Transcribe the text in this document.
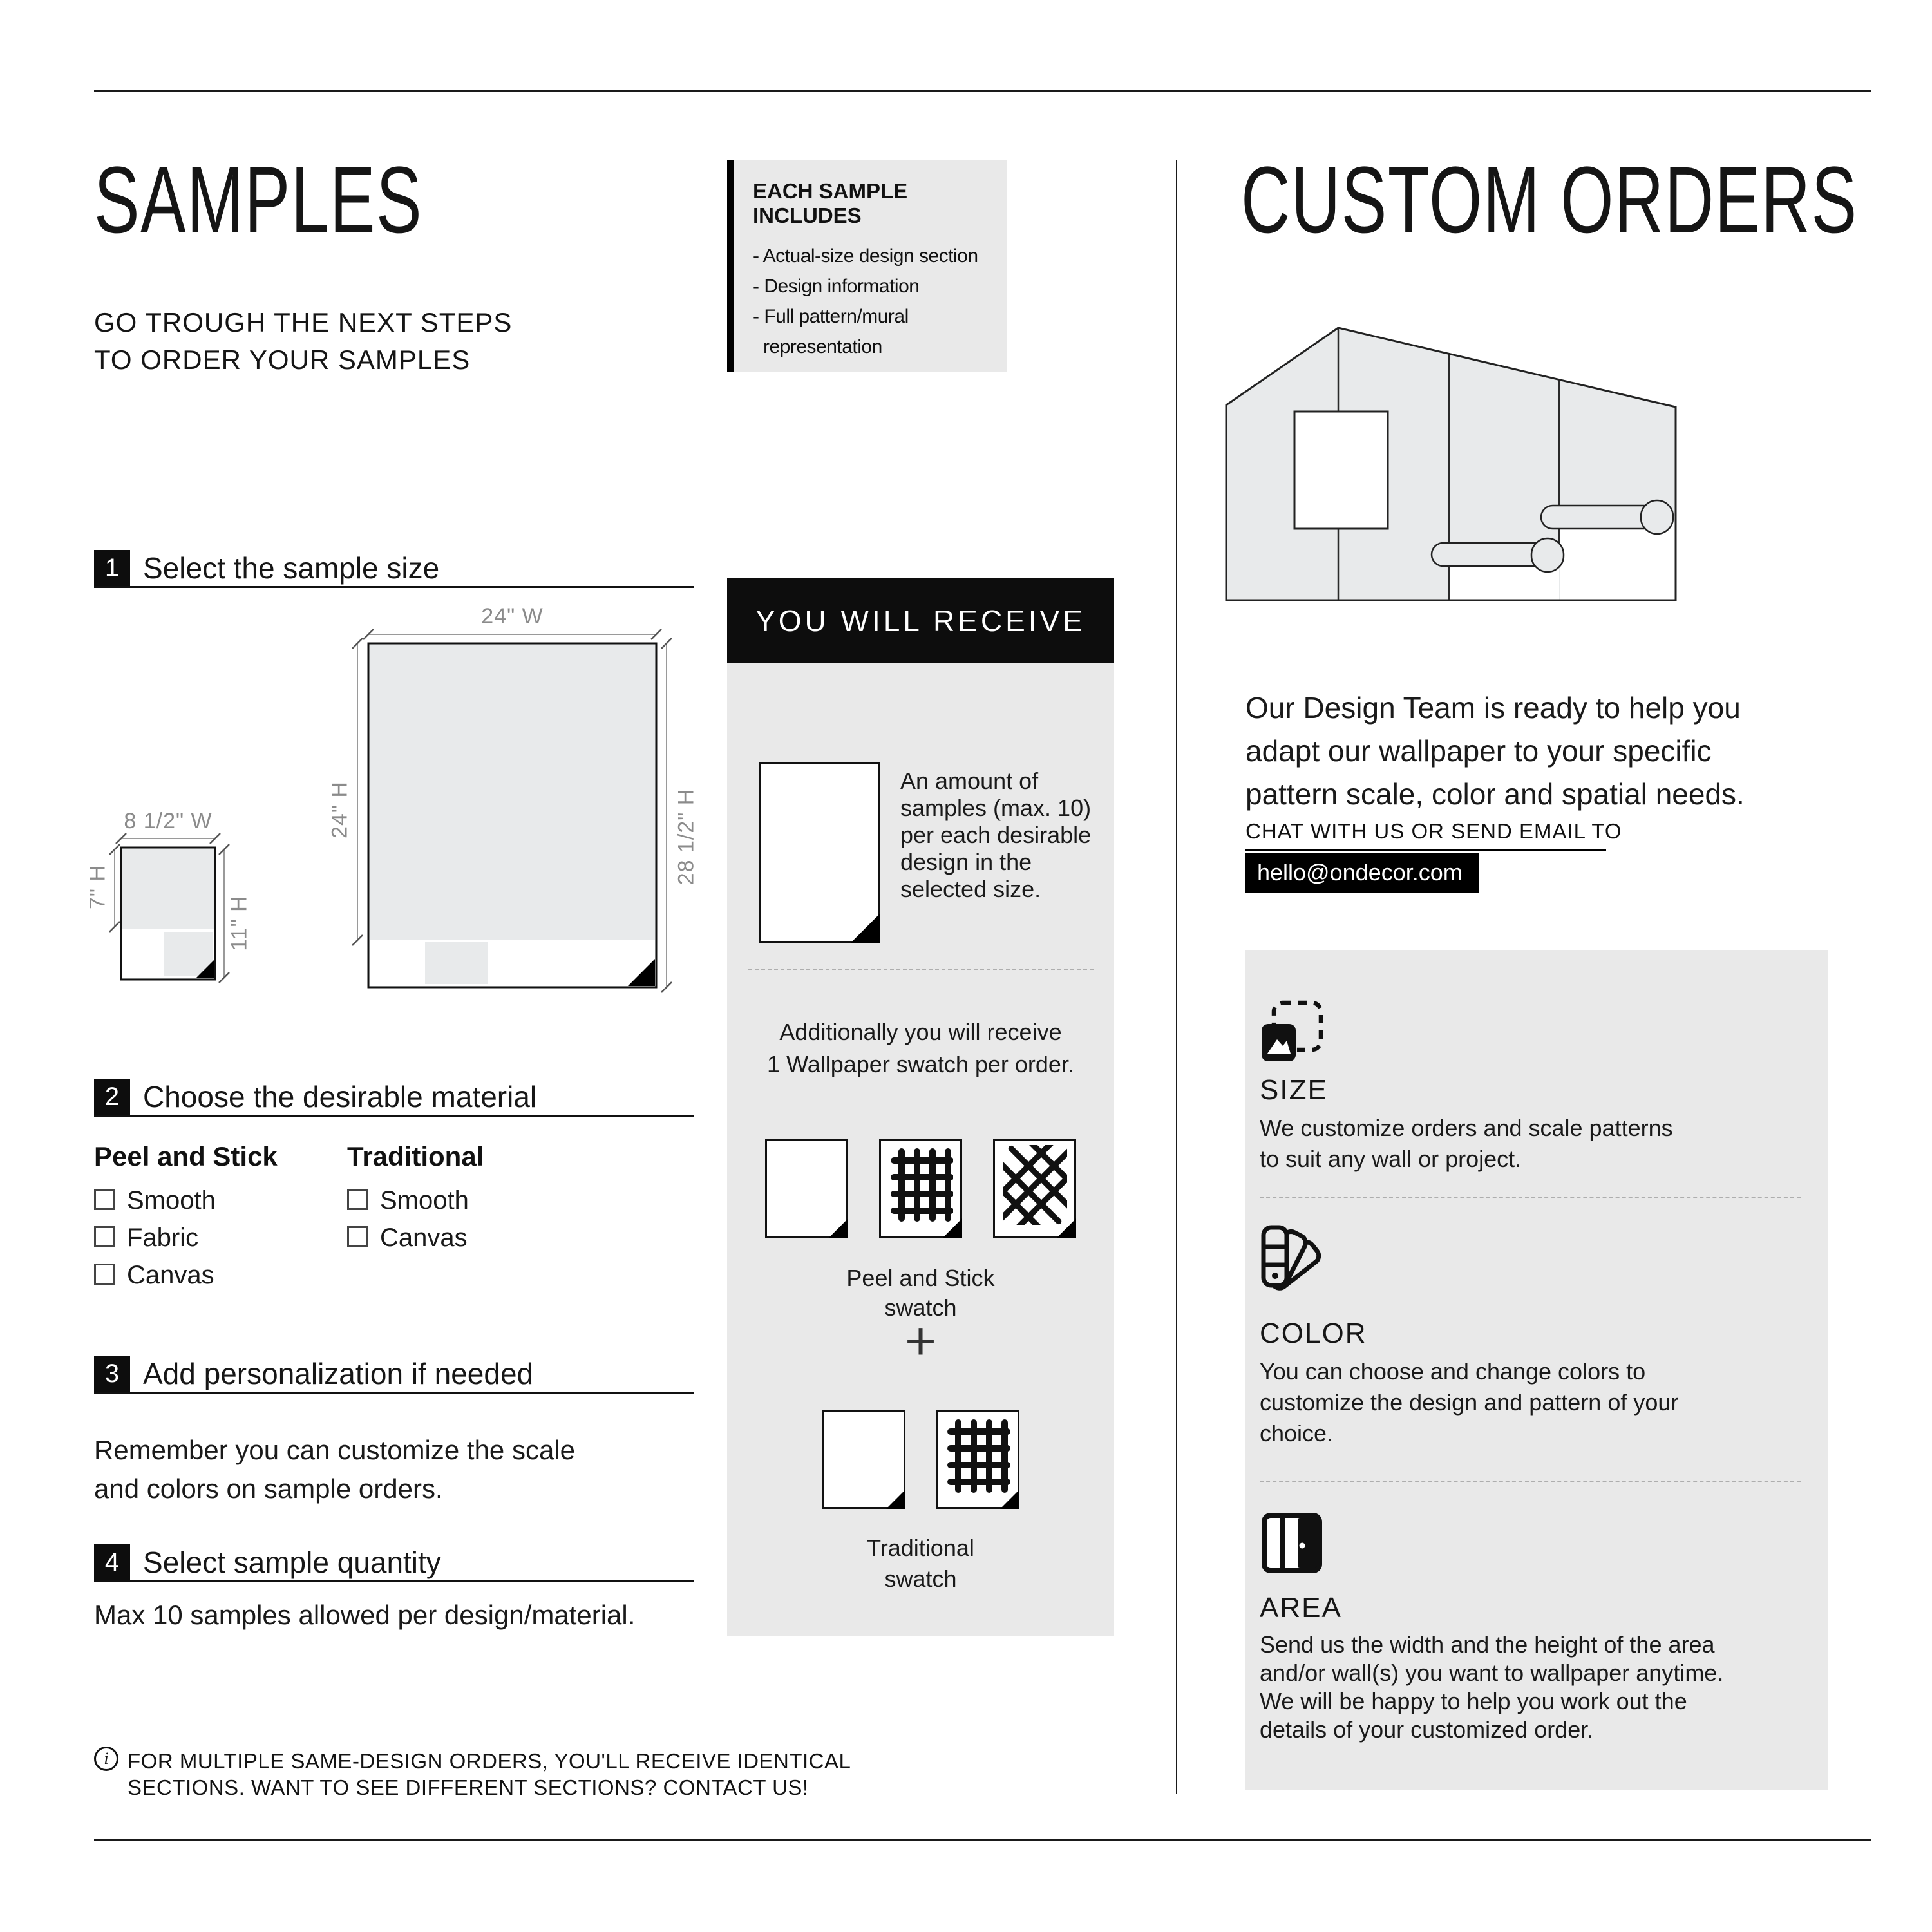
SAMPLES
GO TROUGH THE NEXT STEPS
TO ORDER YOUR SAMPLES
EACH SAMPLE INCLUDES
- Actual-size design section
- Design information
- Full pattern/mural
representation
1 Select the sample size
24" W
24" H	28 1/2" H
8 1/2" W
7" H
11" H
2 Choose the desirable material
Peel and Stick	Traditional
Smooth
Fabric
Canvas
Smooth
Canvas
3 Add personalization if needed
Remember you can customize the scale
and colors on sample orders.
4 Select sample quantity
Max 10 samples allowed per design/material.
i FOR MULTIPLE SAME-DESIGN ORDERS, YOU'LL RECEIVE IDENTICAL
SECTIONS. WANT TO SEE DIFFERENT SECTIONS? CONTACT US!
YOU WILL RECEIVE
An amount of
samples (max. 10)
per each desirable
design in the
selected size.
Additionally you will receive
1 Wallpaper swatch per order.
Peel and Stick
swatch
+
Traditional
swatch
CUSTOM ORDERS
Our Design Team is ready to help you
adapt our wallpaper to your specific
pattern scale, color and spatial needs.
CHAT WITH US OR SEND EMAIL TO
hello@ondecor.com
SIZE
We customize orders and scale patterns
to suit any wall or project.
COLOR
You can choose and change colors to
customize the design and pattern of your
choice.
AREA
Send us the width and the height of the area
and/or wall(s) you want to wallpaper anytime.
We will be happy to help you work out the
details of your customized order.
